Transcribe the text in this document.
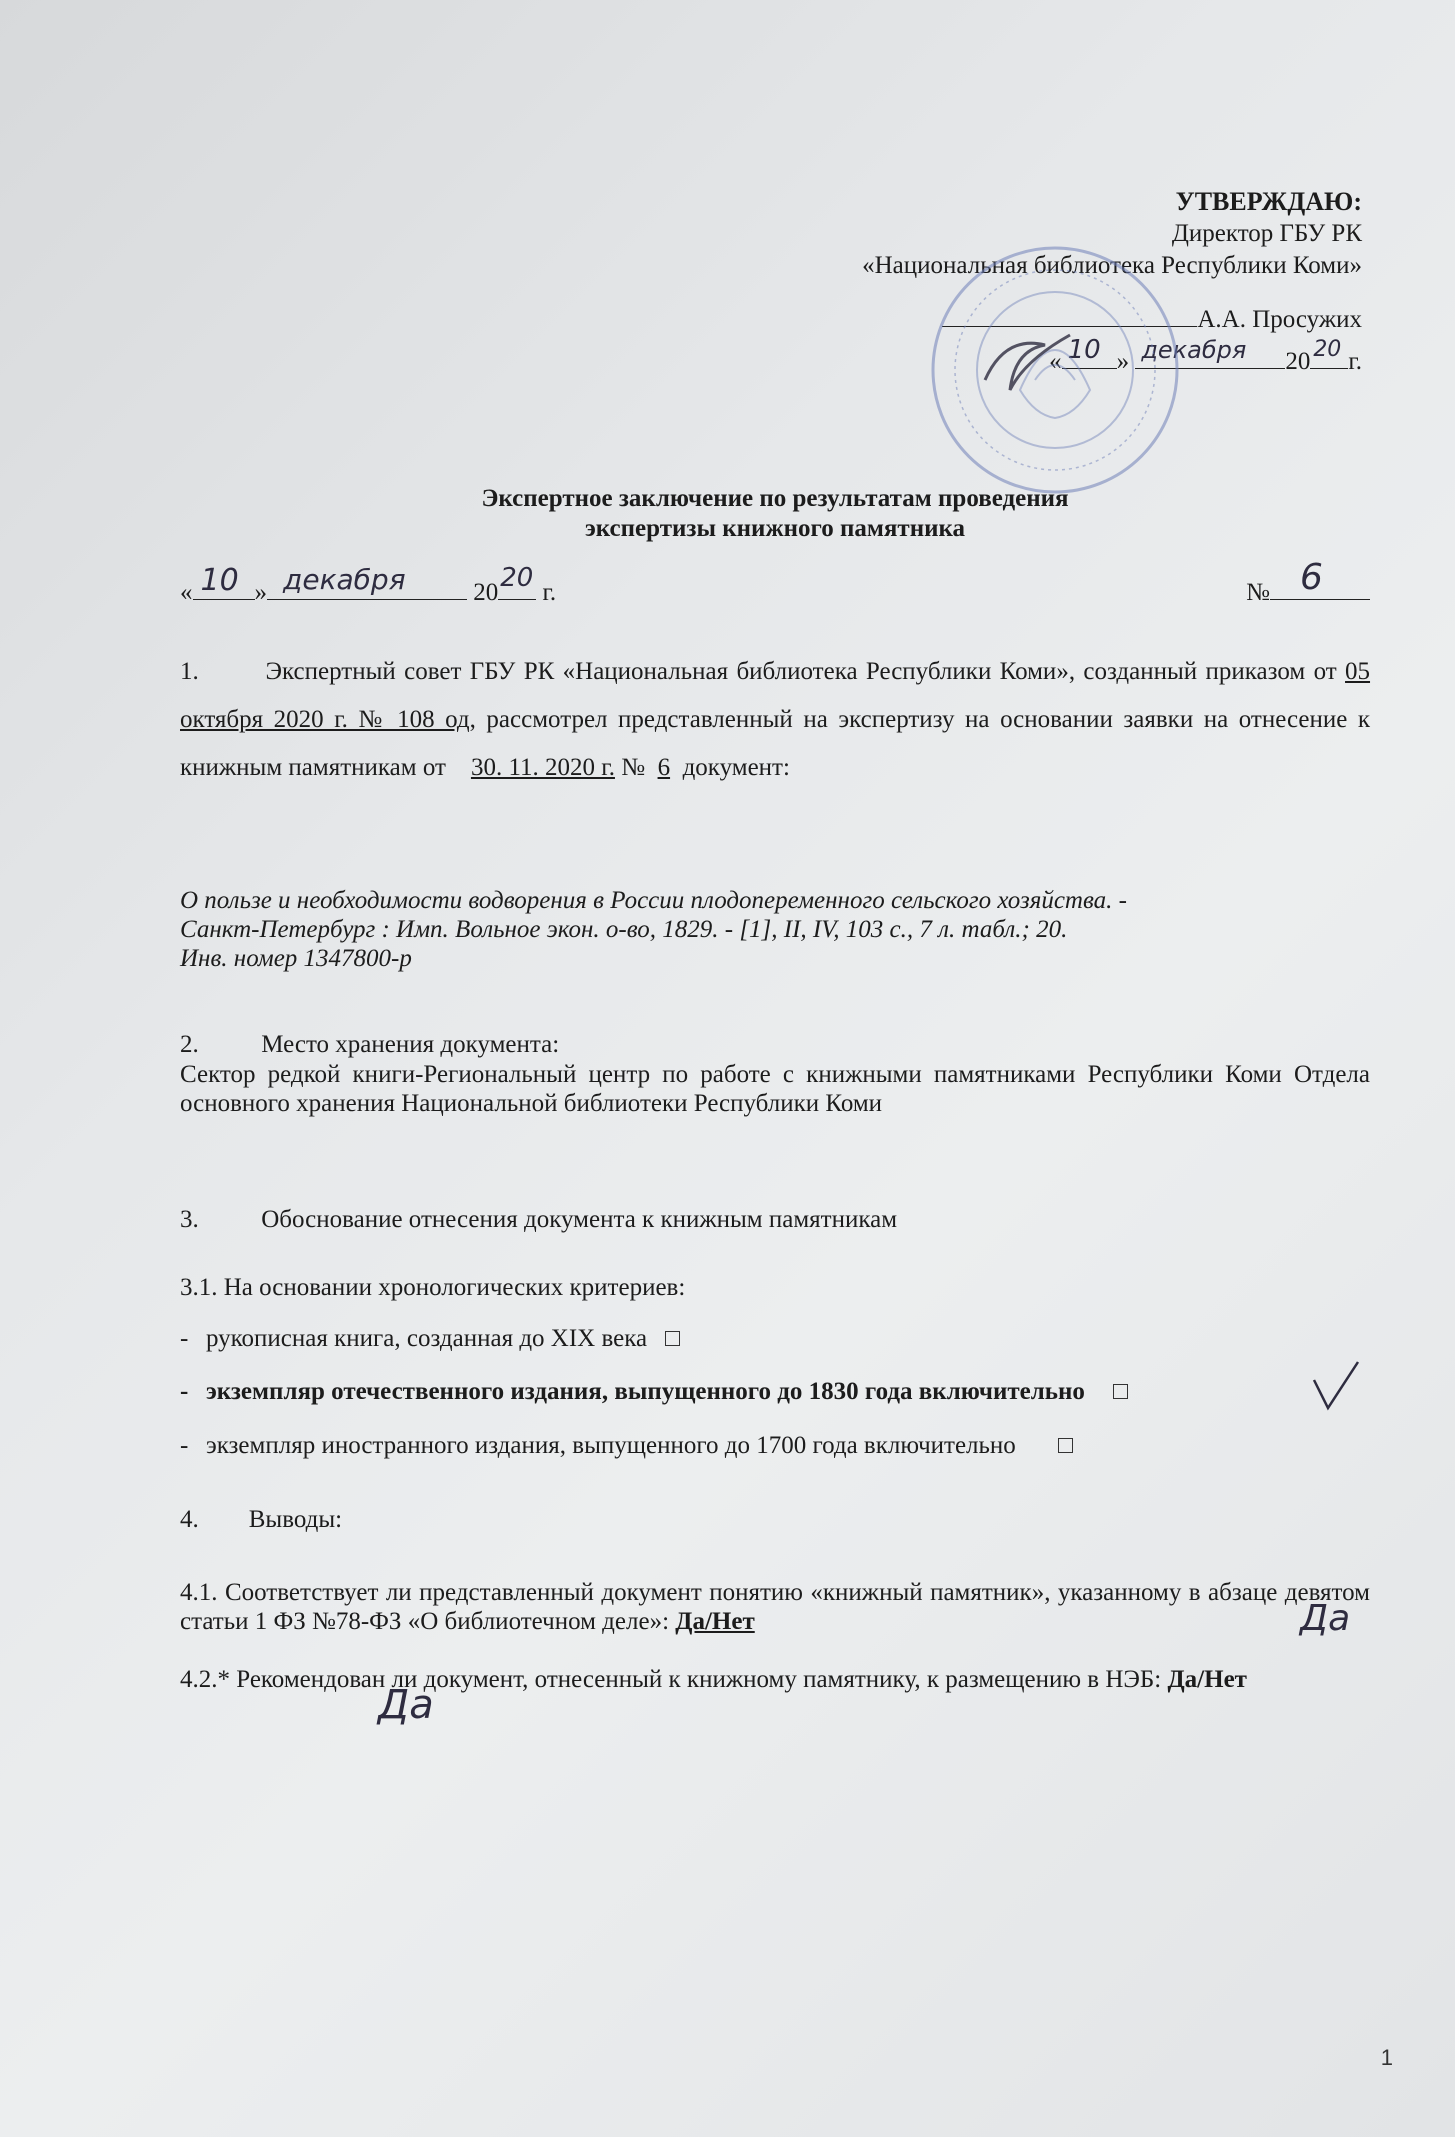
УТВЕРЖДАЮ:
Директор ГБУ РК
«Национальная библиотека Республики Коми»
А.А. Просужих
« 10 » декабря 20 20 г.
Экспертное заключение по результатам проведения
экспертизы книжного памятника
« 10 » декабря	20 20 г.	№ 6
1.	Экспертный совет ГБУ РК «Национальная библиотека Республики Коми», созданный приказом от 05 октября 2020 г. № 108 од, рассмотрел представленный на экспертизу на основании заявки на отнесение к книжным памятникам от 30. 11. 2020 г. № 6 документ:
О пользе и необходимости водворения в России плодопеременного сельского хозяйства. -
Санкт-Петербург : Имп. Вольное экон. о-во, 1829. - [1], II, IV, 103 с., 7 л. табл.; 20.
Инв. номер 1347800-р
2.	Место хранения документа:
Сектор редкой книги-Региональный центр по работе с книжными памятниками Республики Коми Отдела основного хранения Национальной библиотеки Республики Коми
3.	Обоснование отнесения документа к книжным памятникам
3.1. На основании хронологических критериев:
- рукописная книга, созданная до XIX века
- экземпляр отечественного издания, выпущенного до 1830 года включительно
- экземпляр иностранного издания, выпущенного до 1700 года включительно
4. Выводы:
4.1. Соответствует ли представленный документ понятию «книжный памятник», указанному в абзаце девятом статьи 1 ФЗ №78-ФЗ «О библиотечном деле»: Да/Нет	Да
4.2.* Рекомендован ли документ, отнесенный к книжному памятнику, к размещению в НЭБ: Да/Нет
Да
1
